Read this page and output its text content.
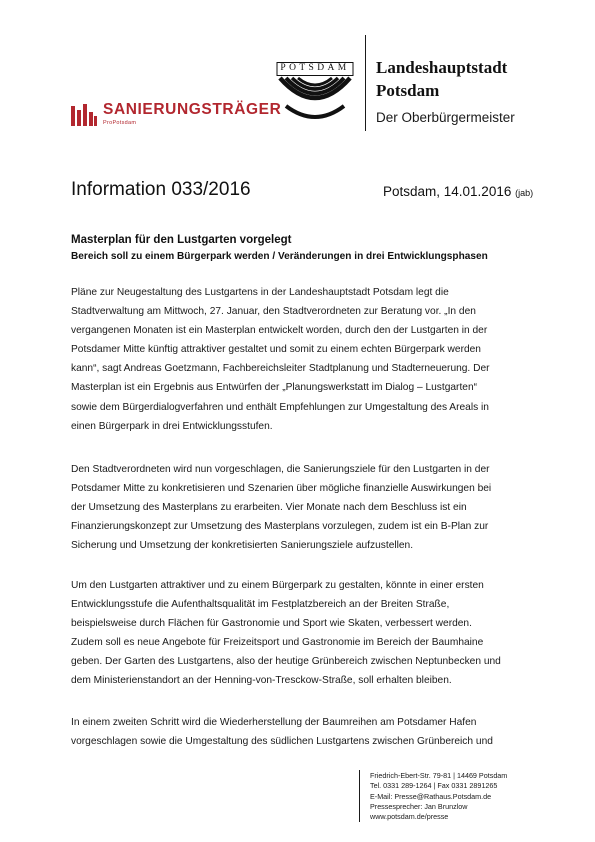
SANIERUNGSTRÄGER
ProPotsdam
POTSDAM Landeshauptstadt
Potsdam
Der Oberbürgermeister
Information 033/2016	Potsdam, 14.01.2016 (jab)
Masterplan für den Lustgarten vorgelegt
Bereich soll zu einem Bürgerpark werden / Veränderungen in drei Entwicklungsphasen
Pläne zur Neugestaltung des Lustgartens in der Landeshauptstadt Potsdam legt die
Stadtverwaltung am Mittwoch, 27. Januar, den Stadtverordneten zur Beratung vor. „In den
vergangenen Monaten ist ein Masterplan entwickelt worden, durch den der Lustgarten in der
Potsdamer Mitte künftig attraktiver gestaltet und somit zu einem echten Bürgerpark werden
kann“, sagt Andreas Goetzmann, Fachbereichsleiter Stadtplanung und Stadterneuerung. Der
Masterplan ist ein Ergebnis aus Entwürfen der „Planungswerkstatt im Dialog – Lustgarten“
sowie dem Bürgerdialogverfahren und enthält Empfehlungen zur Umgestaltung des Areals in
einen Bürgerpark in drei Entwicklungsstufen.
Den Stadtverordneten wird nun vorgeschlagen, die Sanierungsziele für den Lustgarten in der
Potsdamer Mitte zu konkretisieren und Szenarien über mögliche finanzielle Auswirkungen bei
der Umsetzung des Masterplans zu erarbeiten. Vier Monate nach dem Beschluss ist ein
Finanzierungskonzept zur Umsetzung des Masterplans vorzulegen, zudem ist ein B-Plan zur
Sicherung und Umsetzung der konkretisierten Sanierungsziele aufzustellen.
Um den Lustgarten attraktiver und zu einem Bürgerpark zu gestalten, könnte in einer ersten
Entwicklungsstufe die Aufenthaltsqualität im Festplatzbereich an der Breiten Straße,
beispielsweise durch Flächen für Gastronomie und Sport wie Skaten, verbessert werden.
Zudem soll es neue Angebote für Freizeitsport und Gastronomie im Bereich der Baumhaine
geben. Der Garten des Lustgartens, also der heutige Grünbereich zwischen Neptunbecken und
dem Ministerienstandort an der Henning-von-Tresckow-Straße, soll erhalten bleiben.
In einem zweiten Schritt wird die Wiederherstellung der Baumreihen am Potsdamer Hafen
vorgeschlagen sowie die Umgestaltung des südlichen Lustgartens zwischen Grünbereich und
Friedrich-Ebert-Str. 79-81 | 14469 Potsdam
Tel. 0331 289-1264 | Fax 0331 2891265
E-Mail: Presse@Rathaus.Potsdam.de
Pressesprecher: Jan Brunzlow
www.potsdam.de/presse
